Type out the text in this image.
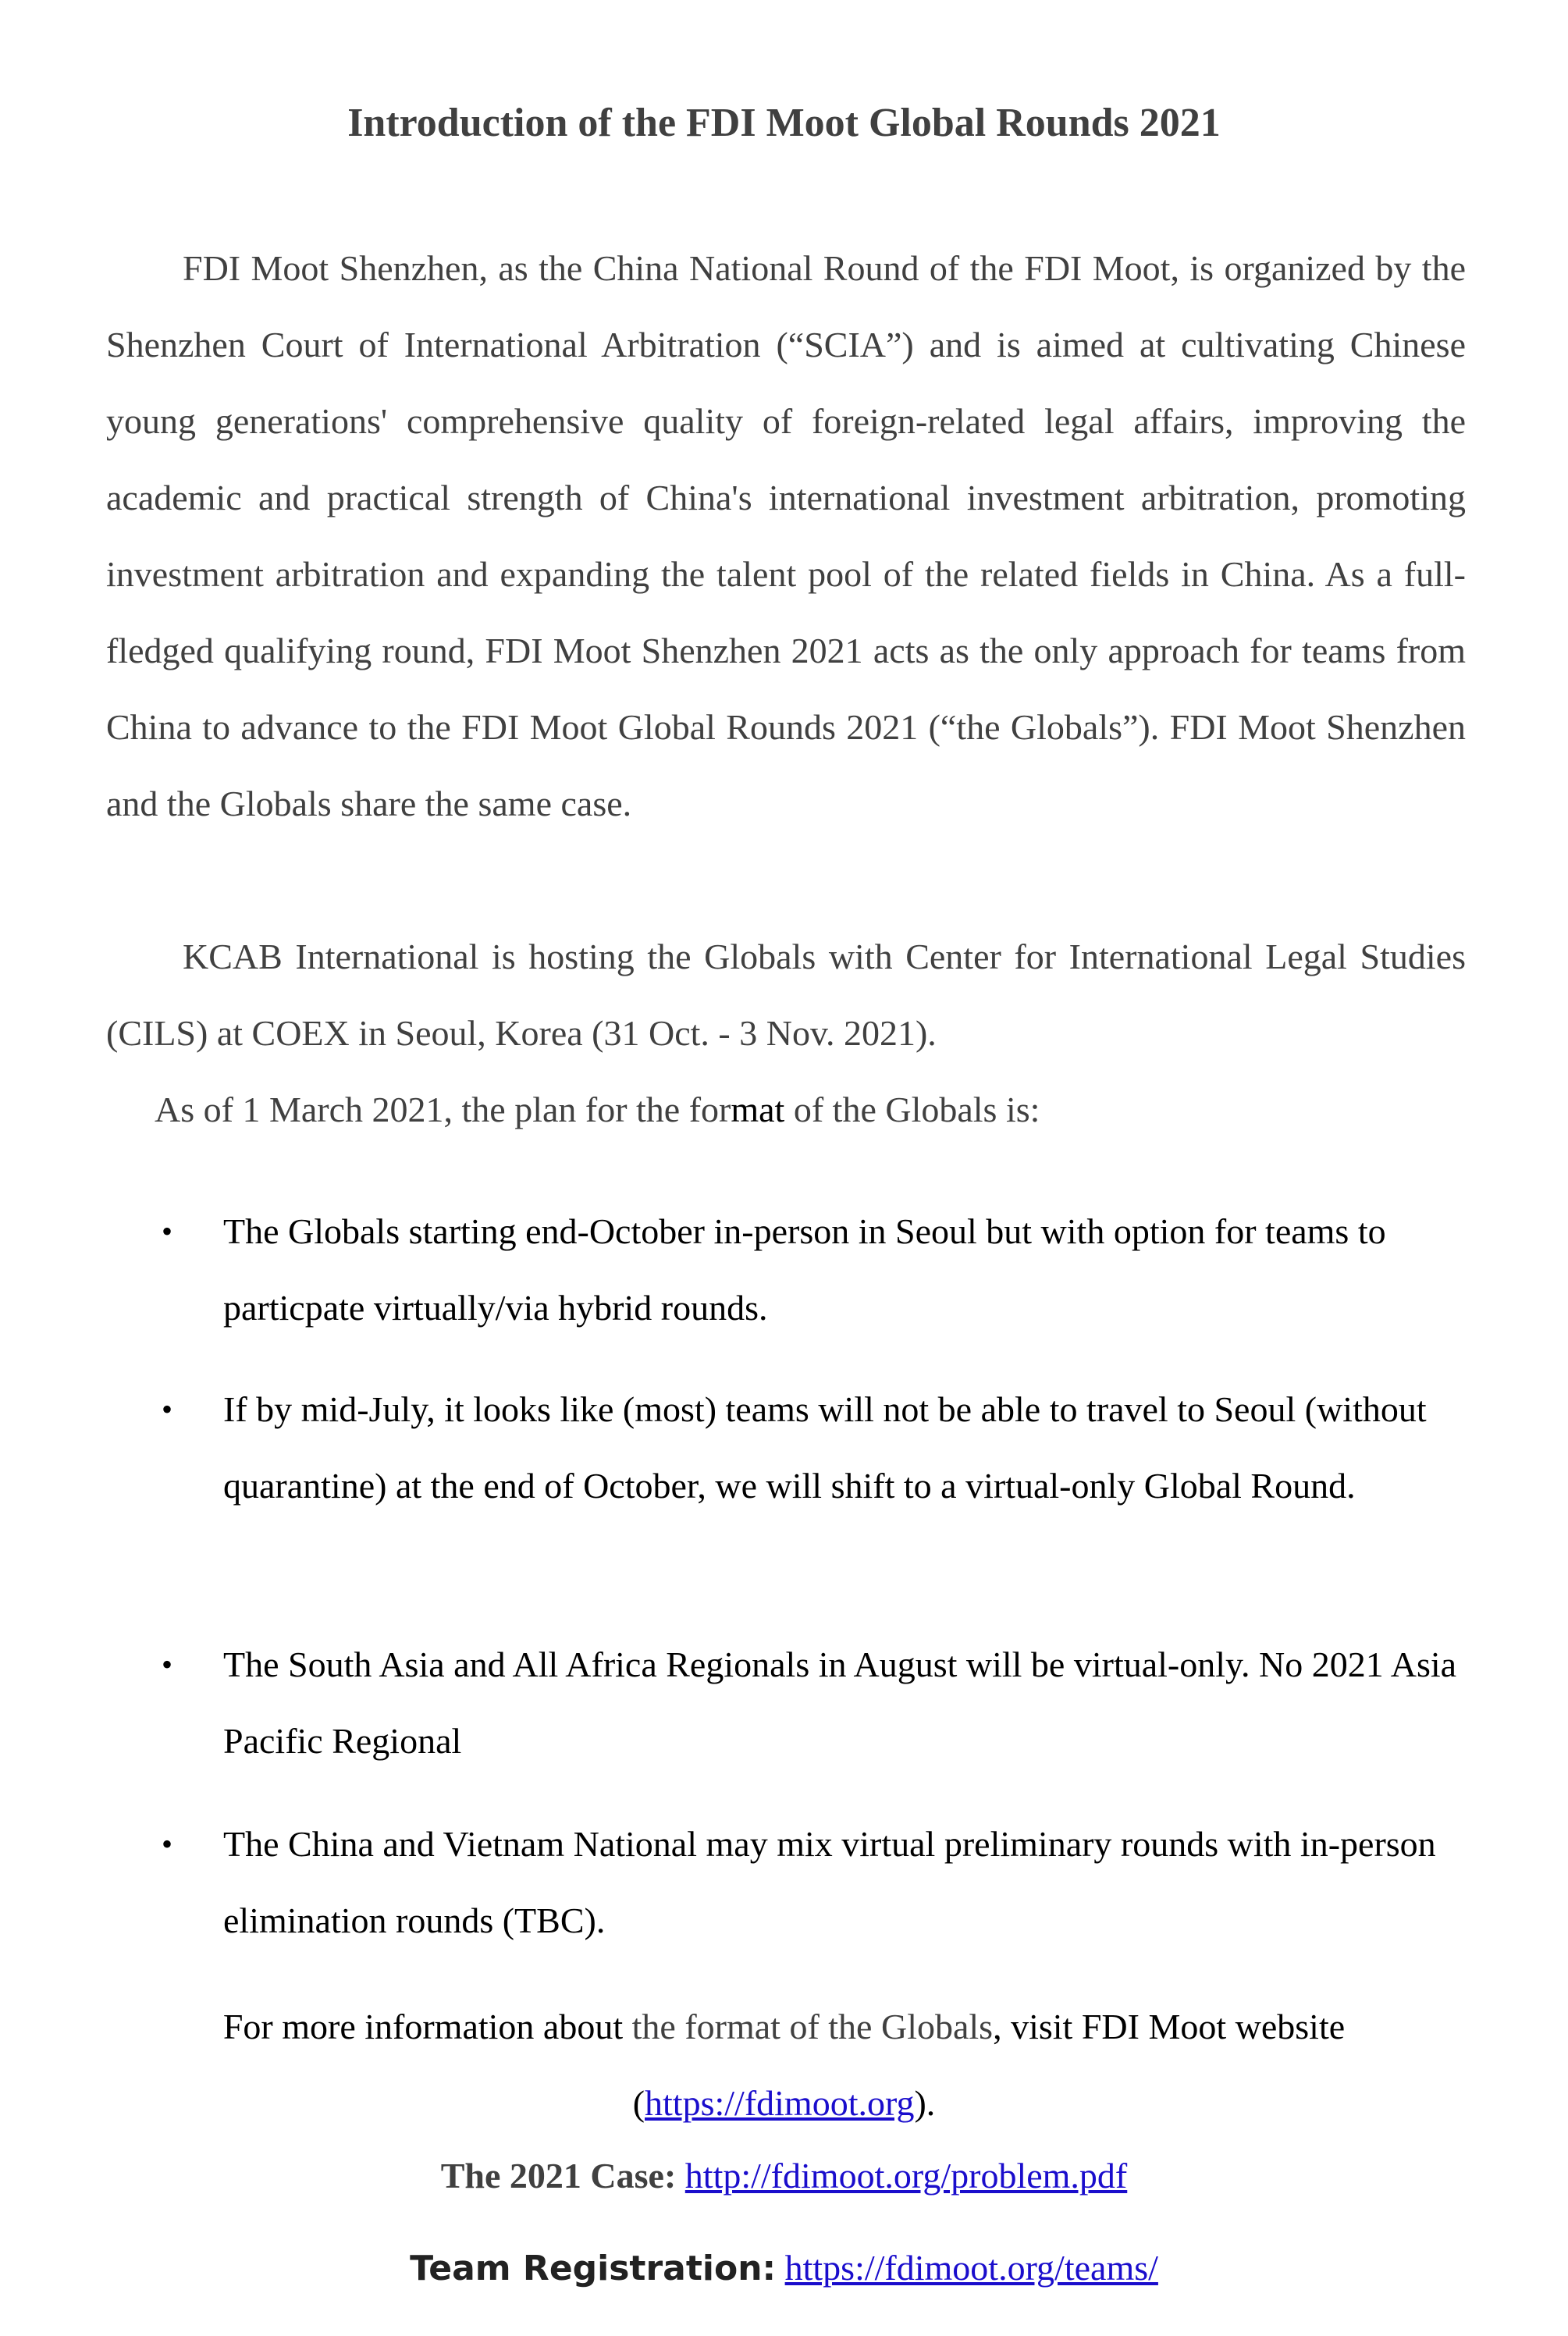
Introduction of the FDI Moot Global Rounds 2021
FDI Moot Shenzhen, as the China National Round of the FDI Moot, is organized by the Shenzhen Court of International Arbitration (“SCIA”) and is aimed at cultivating Chinese young generations' comprehensive quality of foreign-related legal affairs, improving the academic and practical strength of China's international investment arbitration, promoting investment arbitration and expanding the talent pool of the related fields in China. As a full-fledged qualifying round, FDI Moot Shenzhen 2021 acts as the only approach for teams from China to advance to the FDI Moot Global Rounds 2021 (“the Globals”). FDI Moot Shenzhen and the Globals share the same case.
KCAB International is hosting the Globals with Center for International Legal Studies (CILS) at COEX in Seoul, Korea (31 Oct. - 3 Nov. 2021).
As of 1 March 2021, the plan for the format of the Globals is:
• The Globals starting end-October in-person in Seoul but with option for teams to particpate virtually/via hybrid rounds.
• If by mid-July, it looks like (most) teams will not be able to travel to Seoul (without quarantine) at the end of October, we will shift to a virtual-only Global Round.
• The South Asia and All Africa Regionals in August will be virtual-only. No 2021 Asia Pacific Regional
• The China and Vietnam National may mix virtual preliminary rounds with in-person elimination rounds (TBC).
For more information about the format of the Globals, visit FDI Moot website (https://fdimoot.org).
The 2021 Case: http://fdimoot.org/problem.pdf
Team Registration: https://fdimoot.org/teams/
